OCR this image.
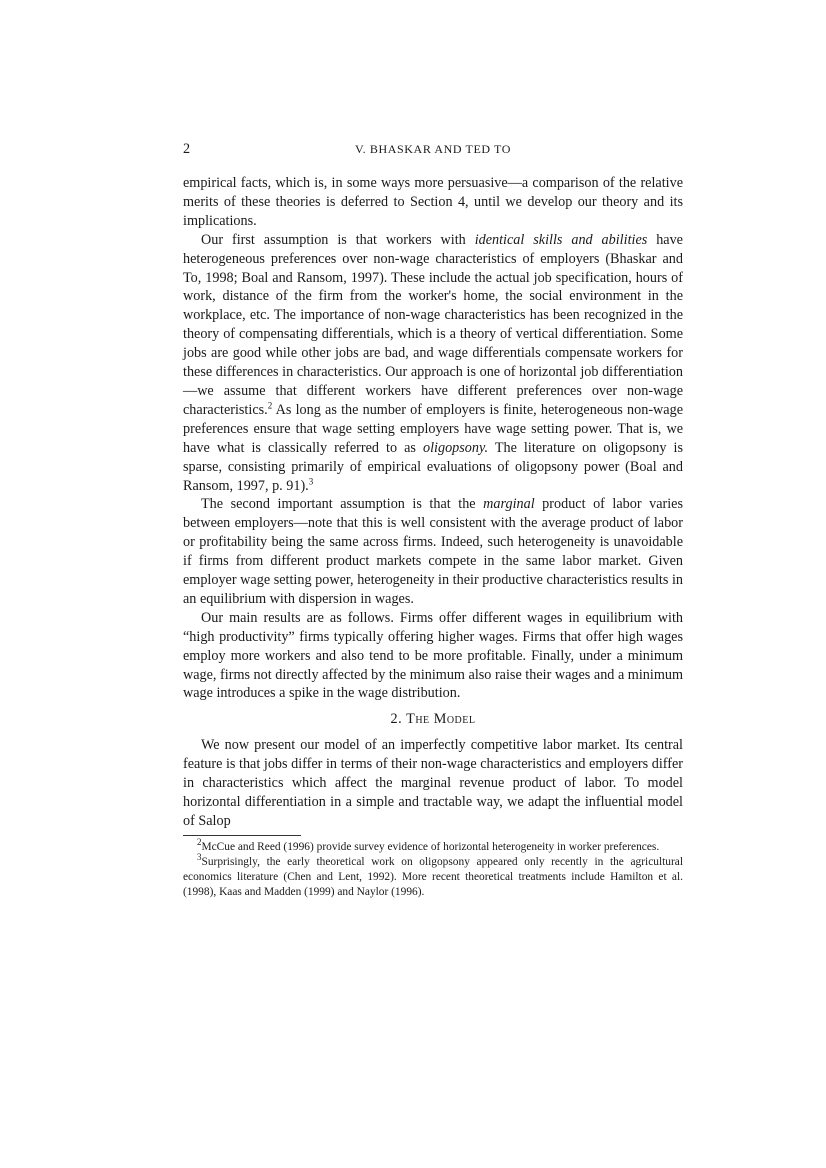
2	V. BHASKAR AND TED TO

empirical facts, which is, in some ways more persuasive—a comparison of the relative merits of these theories is deferred to Section 4, until we develop our theory and its implications.

Our first assumption is that workers with identical skills and abilities have heterogeneous preferences over non-wage characteristics of employers (Bhaskar and To, 1998; Boal and Ransom, 1997). These include the actual job specification, hours of work, distance of the firm from the worker's home, the social environment in the workplace, etc. The importance of non-wage characteristics has been recognized in the theory of compensating differentials, which is a theory of vertical differentiation. Some jobs are good while other jobs are bad, and wage differentials compensate workers for these differences in characteristics. Our approach is one of horizontal job differentiation—we assume that different workers have different preferences over non-wage characteristics.$^2$ As long as the number of employers is finite, heterogeneous non-wage preferences ensure that wage setting employers have wage setting power. That is, we have what is classically referred to as oligopsony. The literature on oligopsony is sparse, consisting primarily of empirical evaluations of oligopsony power (Boal and Ransom, 1997, p. 91).$^3$

The second important assumption is that the marginal product of labor varies between employers—note that this is well consistent with the average product of labor or profitability being the same across firms. Indeed, such heterogeneity is unavoidable if firms from different product markets compete in the same labor market. Given employer wage setting power, heterogeneity in their productive characteristics results in an equilibrium with dispersion in wages.

Our main results are as follows. Firms offer different wages in equilibrium with “high productivity” firms typically offering higher wages. Firms that offer high wages employ more workers and also tend to be more profitable. Finally, under a minimum wage, firms not directly affected by the minimum also raise their wages and a minimum wage introduces a spike in the wage distribution.

2. The Model

We now present our model of an imperfectly competitive labor market. Its central feature is that jobs differ in terms of their non-wage characteristics and employers differ in characteristics which affect the marginal revenue product of labor. To model horizontal differentiation in a simple and tractable way, we adapt the influential model of Salop

$^2$McCue and Reed (1996) provide survey evidence of horizontal heterogeneity in worker preferences.

$^3$Surprisingly, the early theoretical work on oligopsony appeared only recently in the agricultural economics literature (Chen and Lent, 1992). More recent theoretical treatments include Hamilton et al. (1998), Kaas and Madden (1999) and Naylor (1996).
